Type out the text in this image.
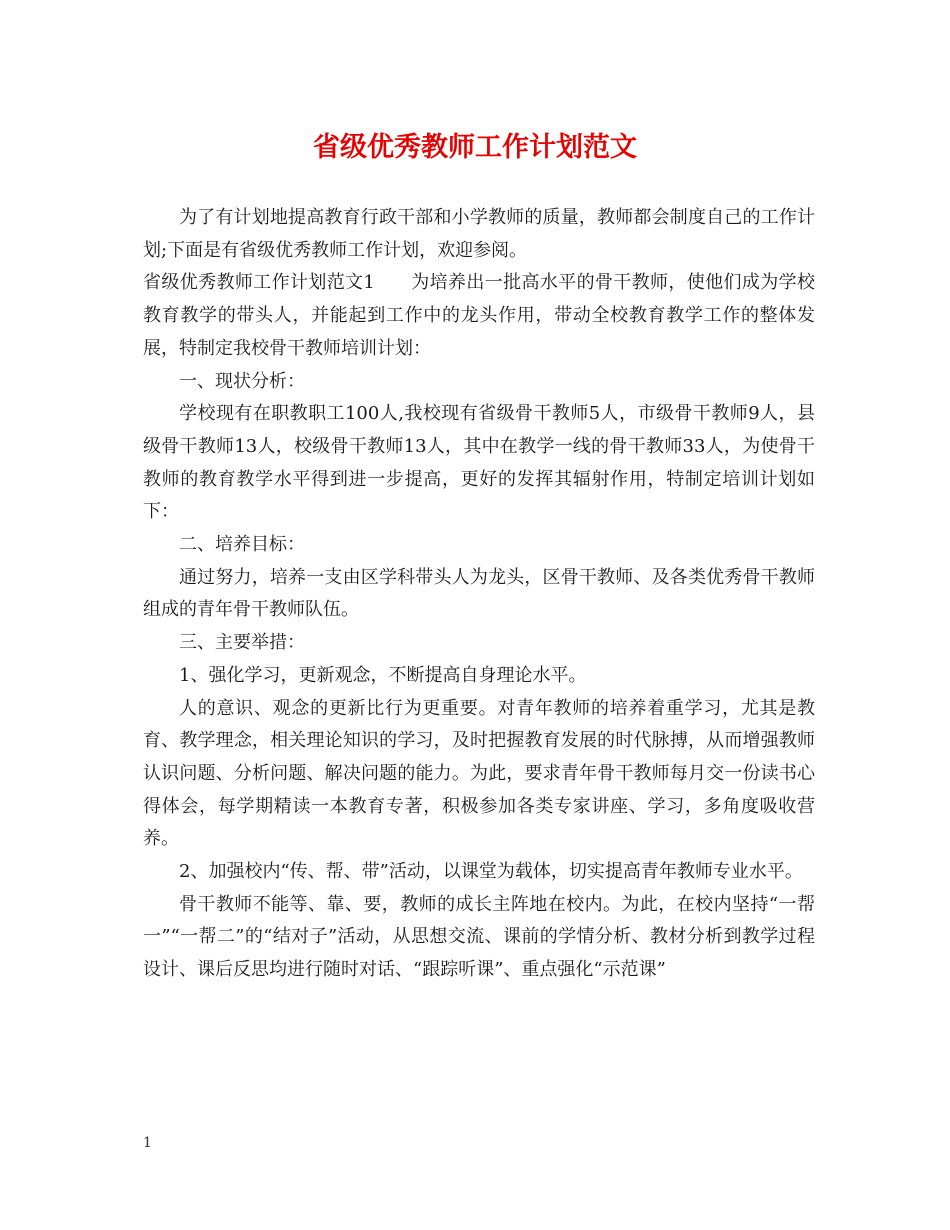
省级优秀教师工作计划范文

为了有计划地提高教育行政干部和小学教师的质量，教师都会制度自己的工作计划;下面是有省级优秀教师工作计划，欢迎参阅。

省级优秀教师工作计划范文1 为培养出一批高水平的骨干教师，使他们成为学校教育教学的带头人，并能起到工作中的龙头作用，带动全校教育教学工作的整体发展，特制定我校骨干教师培训计划：

一、现状分析：

学校现有在职教职工100人,我校现有省级骨干教师5人，市级骨干教师9人，县级骨干教师13人，校级骨干教师13人，其中在教学一线的骨干教师33人，为使骨干教师的教育教学水平得到进一步提高，更好的发挥其辐射作用，特制定培训计划如下：

二、培养目标：

通过努力，培养一支由区学科带头人为龙头，区骨干教师、及各类优秀骨干教师组成的青年骨干教师队伍。

三、主要举措：

1、强化学习，更新观念，不断提高自身理论水平。

人的意识、观念的更新比行为更重要。对青年教师的培养着重学习，尤其是教育、教学理念，相关理论知识的学习，及时把握教育发展的时代脉搏，从而增强教师认识问题、分析问题、解决问题的能力。为此，要求青年骨干教师每月交一份读书心得体会，每学期精读一本教育专著，积极参加各类专家讲座、学习，多角度吸收营养。

2、加强校内“传、帮、带”活动，以课堂为载体，切实提高青年教师专业水平。

骨干教师不能等、靠、要，教师的成长主阵地在校内。为此，在校内坚持“一帮一”“一帮二”的“结对子”活动，从思想交流、课前的学情分析、教材分析到教学过程设计、课后反思均进行随时对话、“跟踪听课”、重点强化“示范课”

1
